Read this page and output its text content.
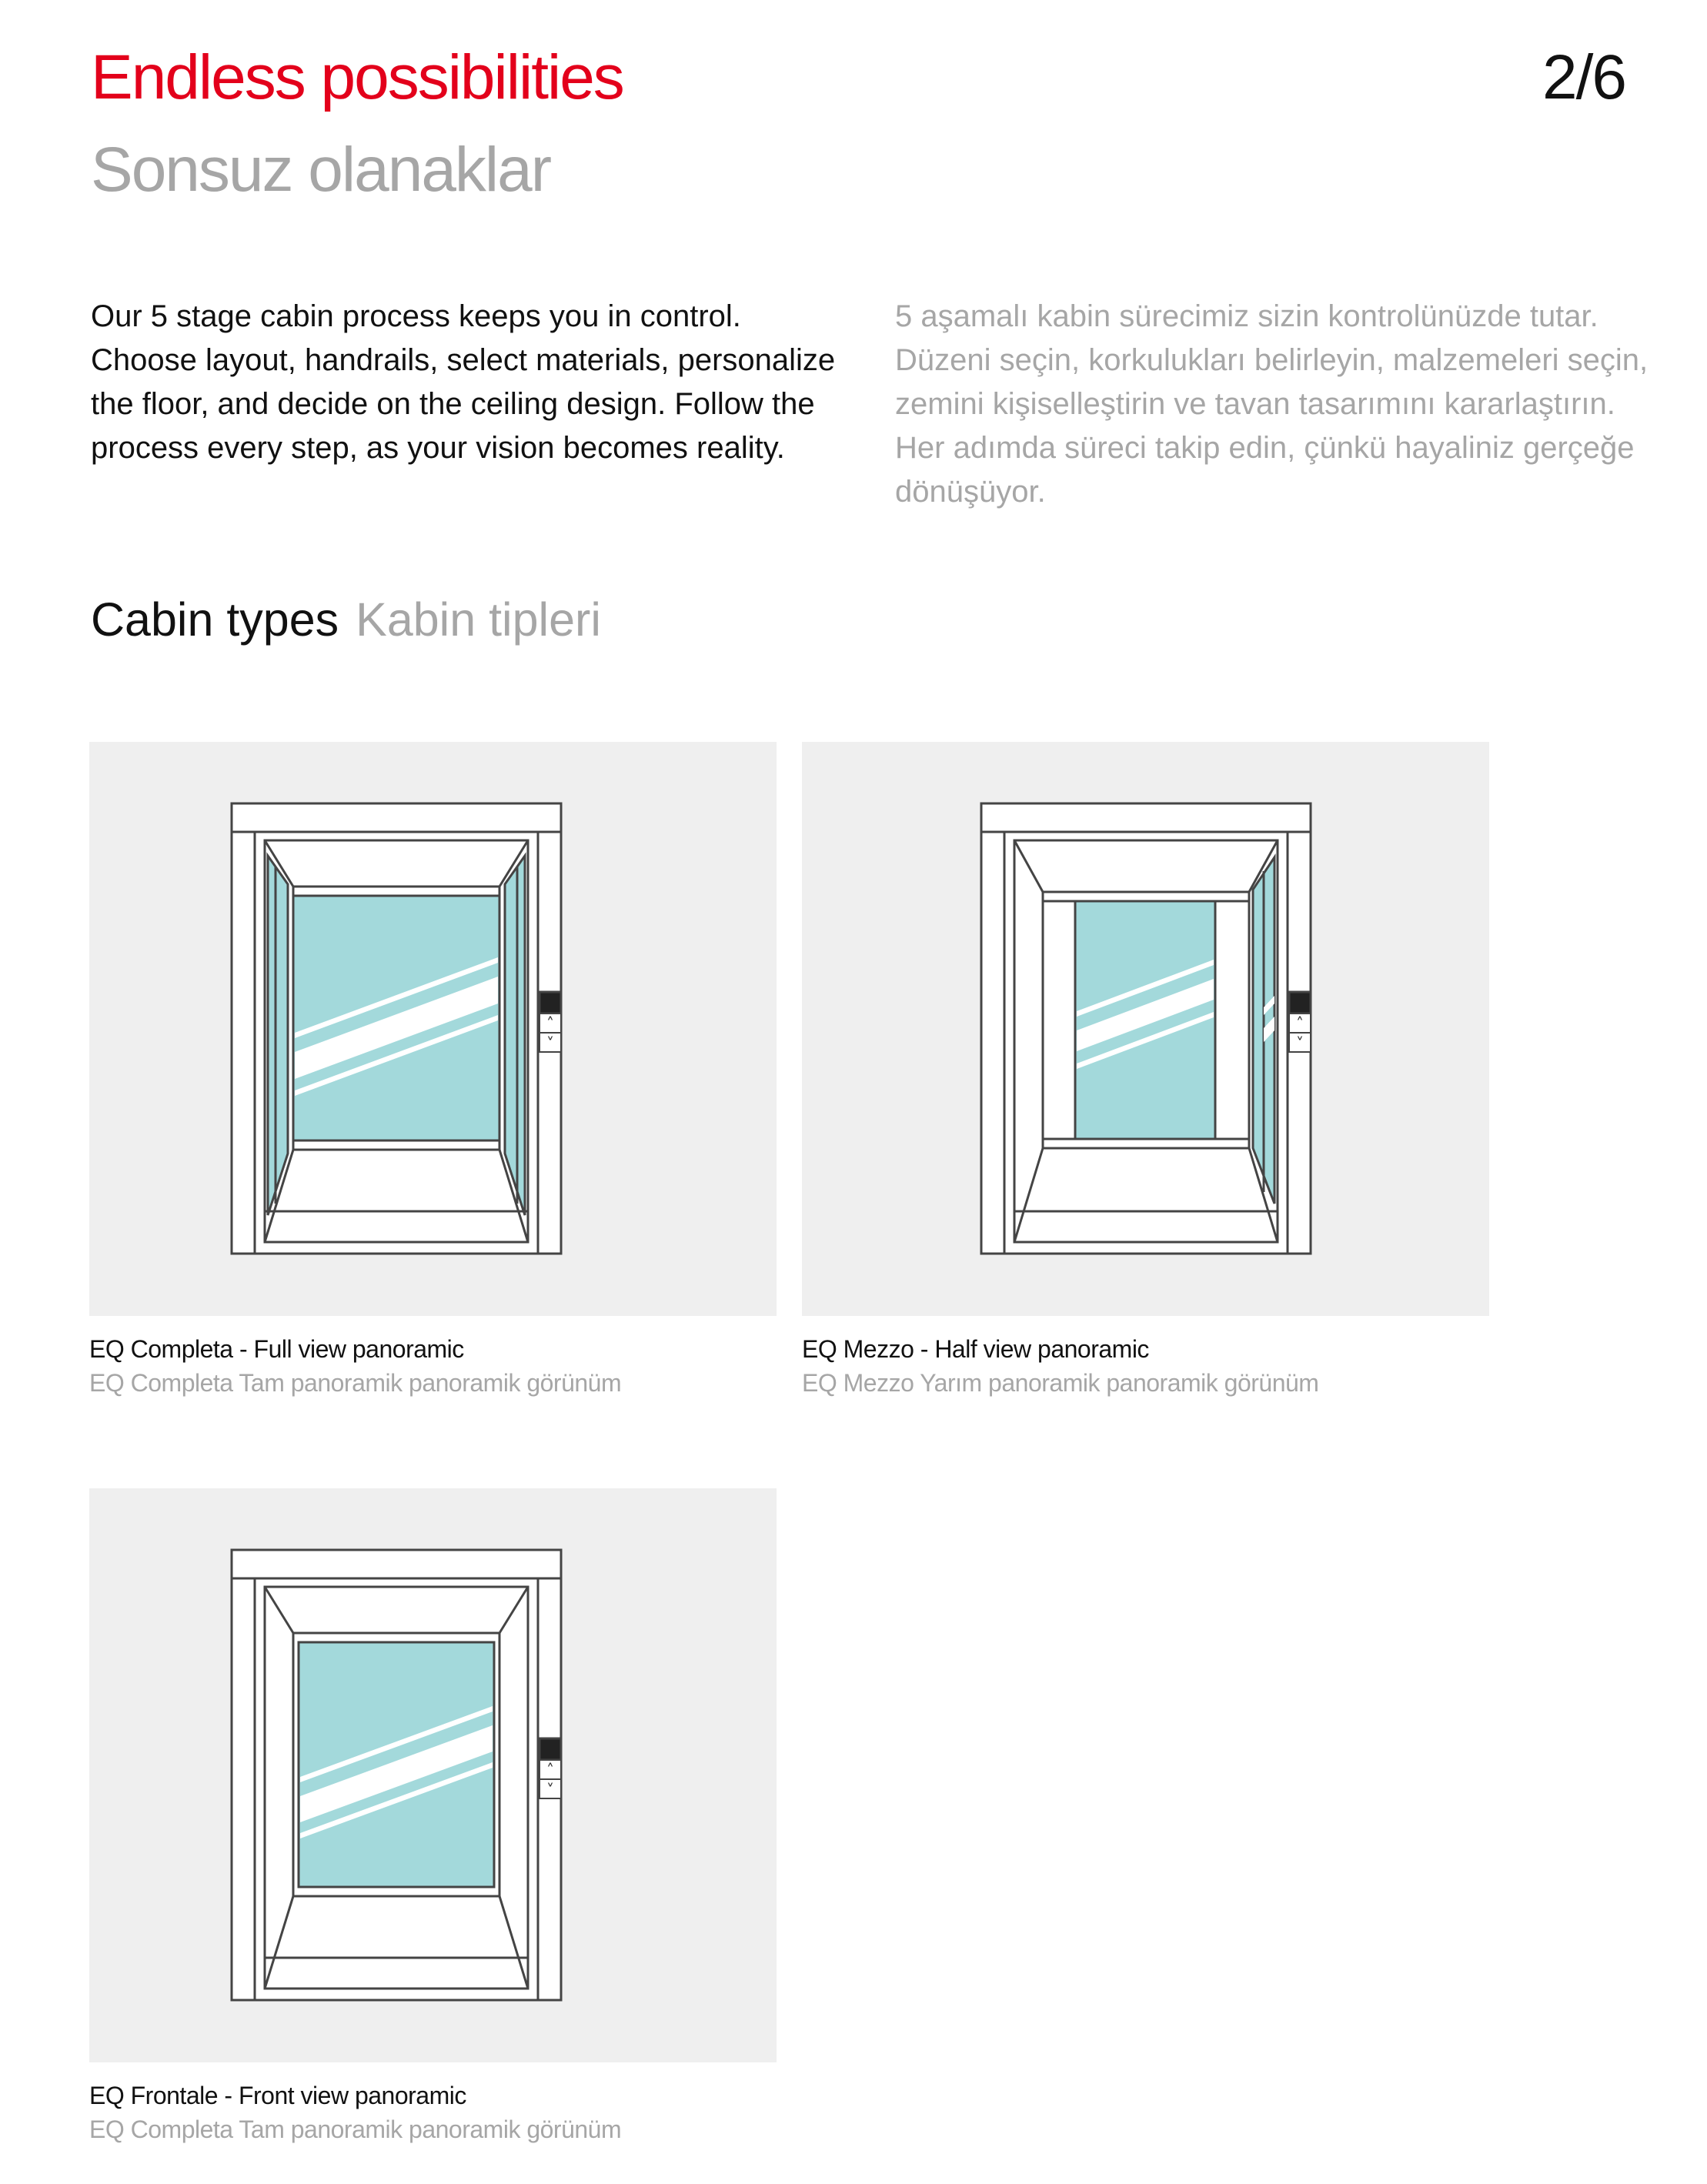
Endless possibilities
Sonsuz olanaklar
2/6
Our 5 stage cabin process keeps you in control. Choose layout, handrails, select materials, personalize the floor, and decide on the ceiling design. Follow the process every step, as your vision becomes reality.
5 aşamalı kabin sürecimiz sizin kontrolünüzde tutar. Düzeni seçin, korkulukları belirleyin, malzemeleri seçin, zemini kişiselleştirin ve tavan tasarımını kararlaştırın. Her adımda süreci takip edin, çünkü hayaliniz gerçeğe dönüşüyor.
Cabin types Kabin tipleri
˄
˅
EQ Completa - Full view panoramic
EQ Completa Tam panoramik panoramik görünüm
˄
˅
EQ Mezzo - Half view panoramic
EQ Mezzo Yarım panoramik panoramik görünüm
˄
˅
EQ Frontale - Front view panoramic
EQ Completa Tam panoramik panoramik görünüm
